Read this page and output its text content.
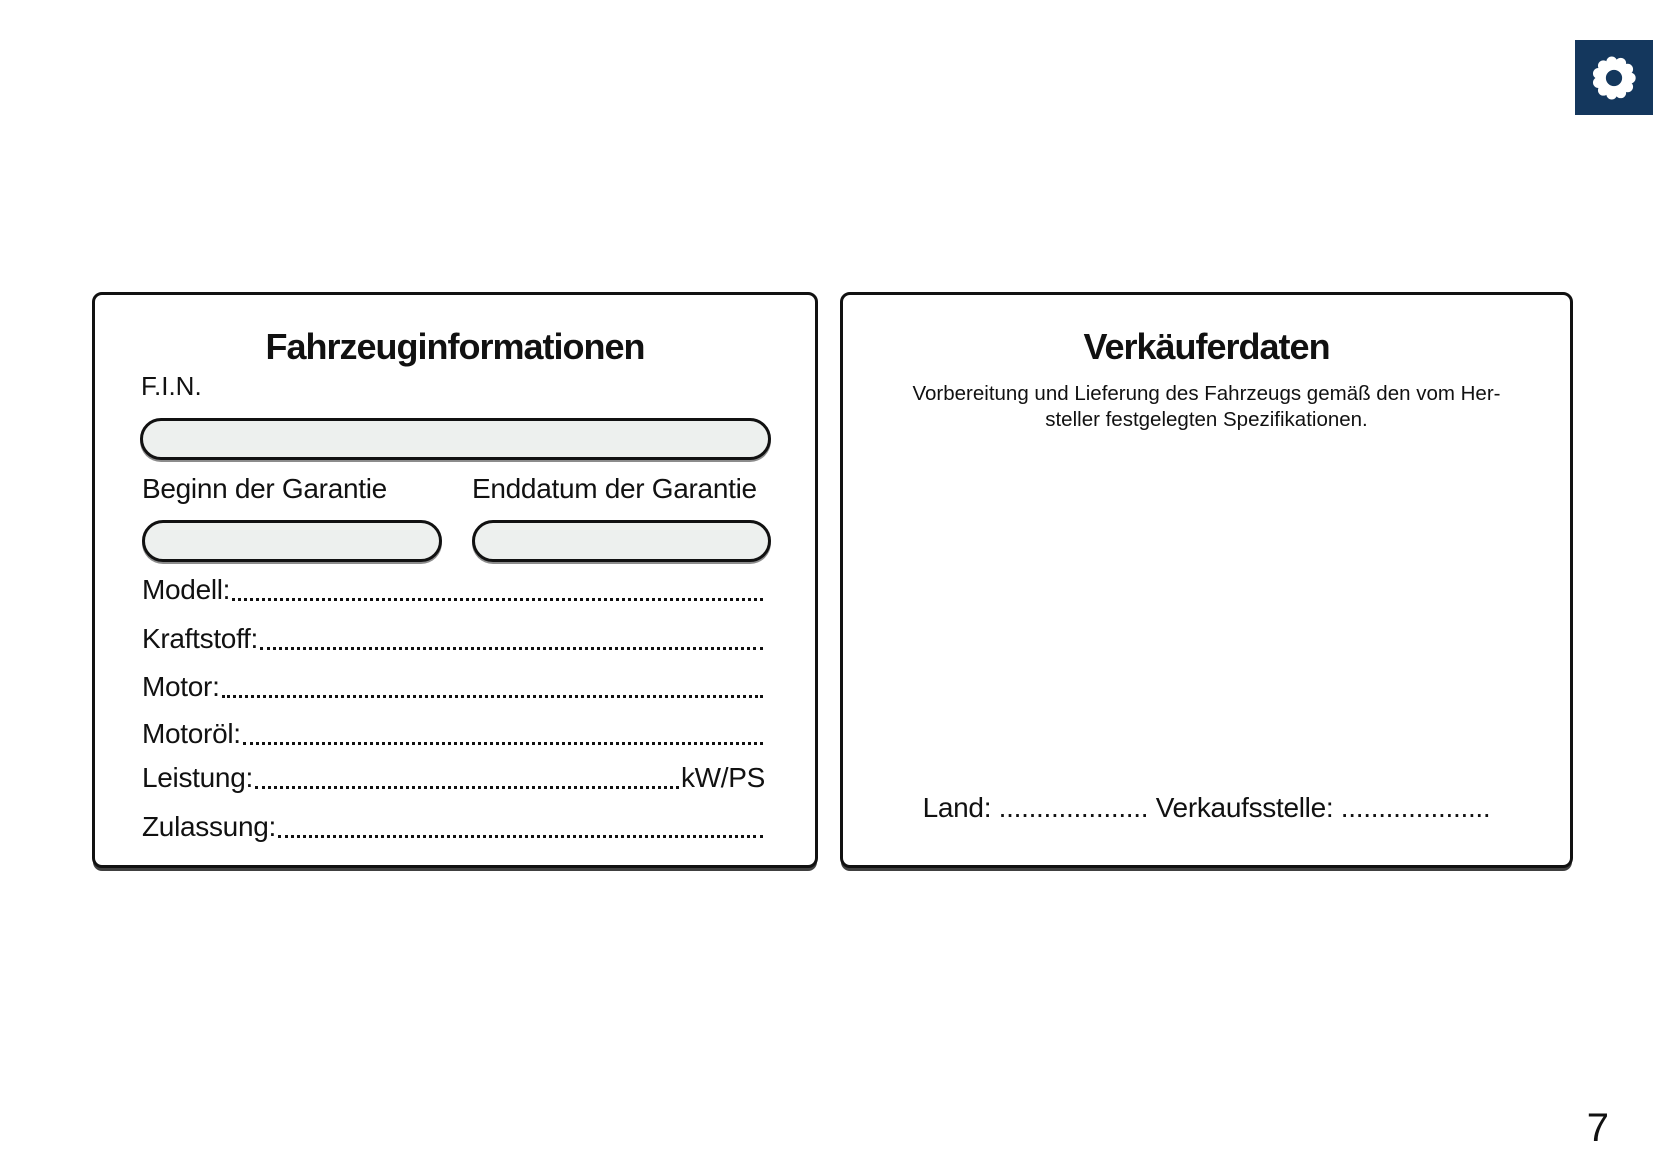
Fahrzeuginformationen
F.I.N.
Beginn der Garantie	Enddatum der Garantie
Modell:
Kraftstoff:
Motor:
Motoröl:
Leistung:	kW/PS
Zulassung:
Verkäuferdaten

Vorbereitung und Lieferung des Fahrzeugs gemäß den vom Her-
steller festgelegten Spezifikationen.

Land: .................... Verkaufsstelle: ....................
7
